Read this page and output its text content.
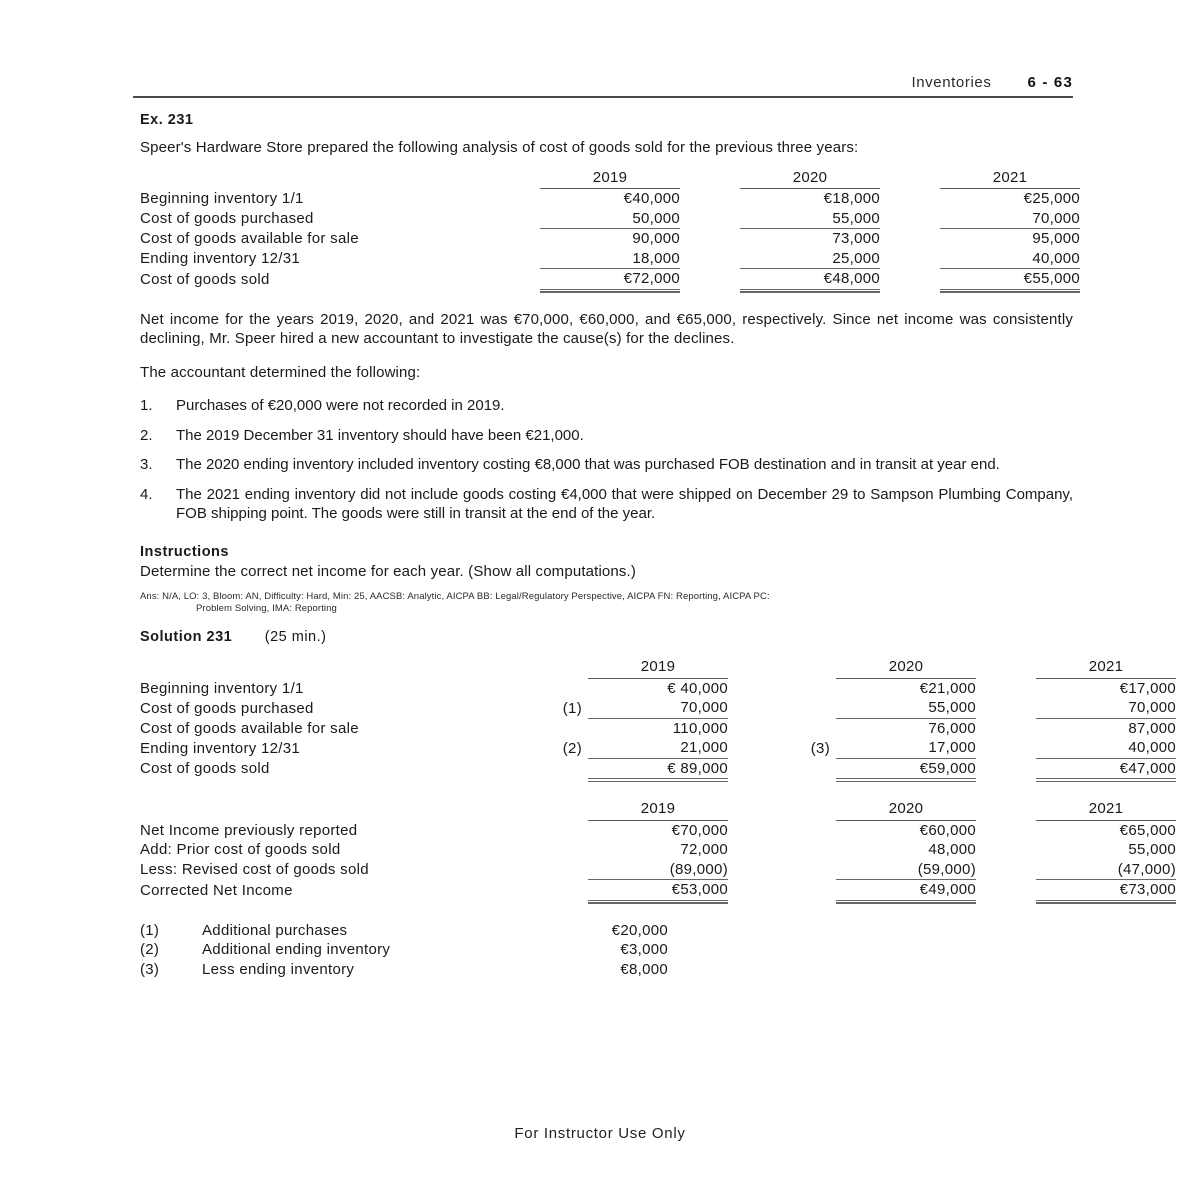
Inventories 6 - 63

Ex. 231

Speer's Hardware Store prepared the following analysis of cost of goods sold for the previous three years:

	2019		2020		2021
Beginning inventory 1/1	€40,000		€18,000		€25,000
Cost of goods purchased	50,000		55,000		70,000
Cost of goods available for sale	90,000		73,000		95,000
Ending inventory 12/31	18,000		25,000		40,000
Cost of goods sold	€72,000		€48,000		€55,000

Net income for the years 2019, 2020, and 2021 was €70,000, €60,000, and €65,000, respectively. Since net income was consistently declining, Mr. Speer hired a new accountant to investigate the cause(s) for the declines.

The accountant determined the following:

1.	Purchases of €20,000 were not recorded in 2019.
2.	The 2019 December 31 inventory should have been €21,000.
3.	The 2020 ending inventory included inventory costing €8,000 that was purchased FOB destination and in transit at year end.
4.	The 2021 ending inventory did not include goods costing €4,000 that were shipped on December 29 to Sampson Plumbing Company, FOB shipping point. The goods were still in transit at the end of the year.

Instructions

Determine the correct net income for each year. (Show all computations.)

Ans: N/A, LO: 3, Bloom: AN, Difficulty: Hard, Min: 25, AACSB: Analytic, AICPA BB: Legal/Regulatory Perspective, AICPA FN: Reporting, AICPA PC:
Problem Solving, IMA: Reporting

Solution 231 (25 min.)

		2019			2020		2021
Beginning inventory 1/1		€ 40,000			€21,000		€17,000
Cost of goods purchased	(1)	70,000			55,000		70,000
Cost of goods available for sale		110,000			76,000		87,000
Ending inventory 12/31	(2)	21,000		(3)	17,000		40,000
Cost of goods sold		€ 89,000			€59,000		€47,000
		2019			2020		2021
Net Income previously reported		€70,000			€60,000		€65,000
Add: Prior cost of goods sold		72,000			48,000		55,000
Less: Revised cost of goods sold		(89,000)			(59,000)		(47,000)
Corrected Net Income		€53,000			€49,000		€73,000
(1)	Additional purchases	€20,000
(2)	Additional ending inventory	€3,000
(3)	Less ending inventory	€8,000
For Instructor Use Only
